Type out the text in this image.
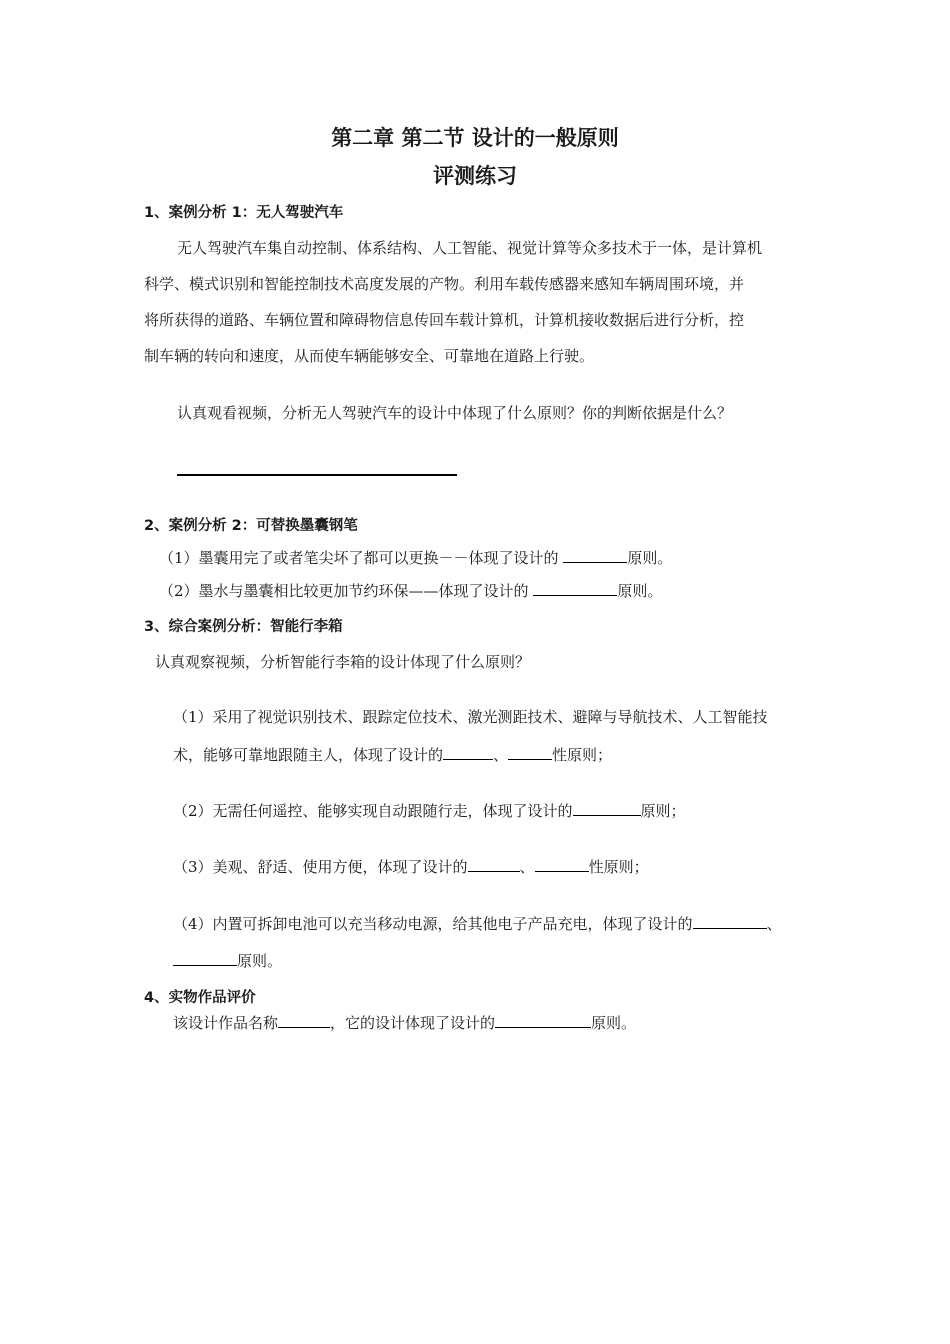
第二章 第二节 设计的一般原则
评测练习
1、案例分析 1：无人驾驶汽车
无人驾驶汽车集自动控制、体系结构、人工智能、视觉计算等众多技术于一体，是计算机
科学、模式识别和智能控制技术高度发展的产物。利用车载传感器来感知车辆周围环境，并
将所获得的道路、车辆位置和障碍物信息传回车载计算机，计算机接收数据后进行分析，控
制车辆的转向和速度，从而使车辆能够安全、可靠地在道路上行驶。
认真观看视频，分析无人驾驶汽车的设计中体现了什么原则？你的判断依据是什么？
2、案例分析 2：可替换墨囊钢笔
（1）墨囊用完了或者笔尖坏了都可以更换－－体现了设计的	原则。
（2）墨水与墨囊相比较更加节约环保——体现了设计的	原则。
3、综合案例分析：智能行李箱
认真观察视频，分析智能行李箱的设计体现了什么原则？
（1）采用了视觉识别技术、跟踪定位技术、激光测距技术、避障与导航技术、人工智能技
术，能够可靠地跟随主人，体现了设计的	、	性原则；
（2）无需任何遥控、能够实现自动跟随行走，体现了设计的	原则；
（3）美观、舒适、使用方便，体现了设计的	、	性原则；
（4）内置可拆卸电池可以充当移动电源，给其他电子产品充电，体现了设计的	、
原则。
4、实物作品评价
该设计作品名称	，它的设计体现了设计的	原则。
